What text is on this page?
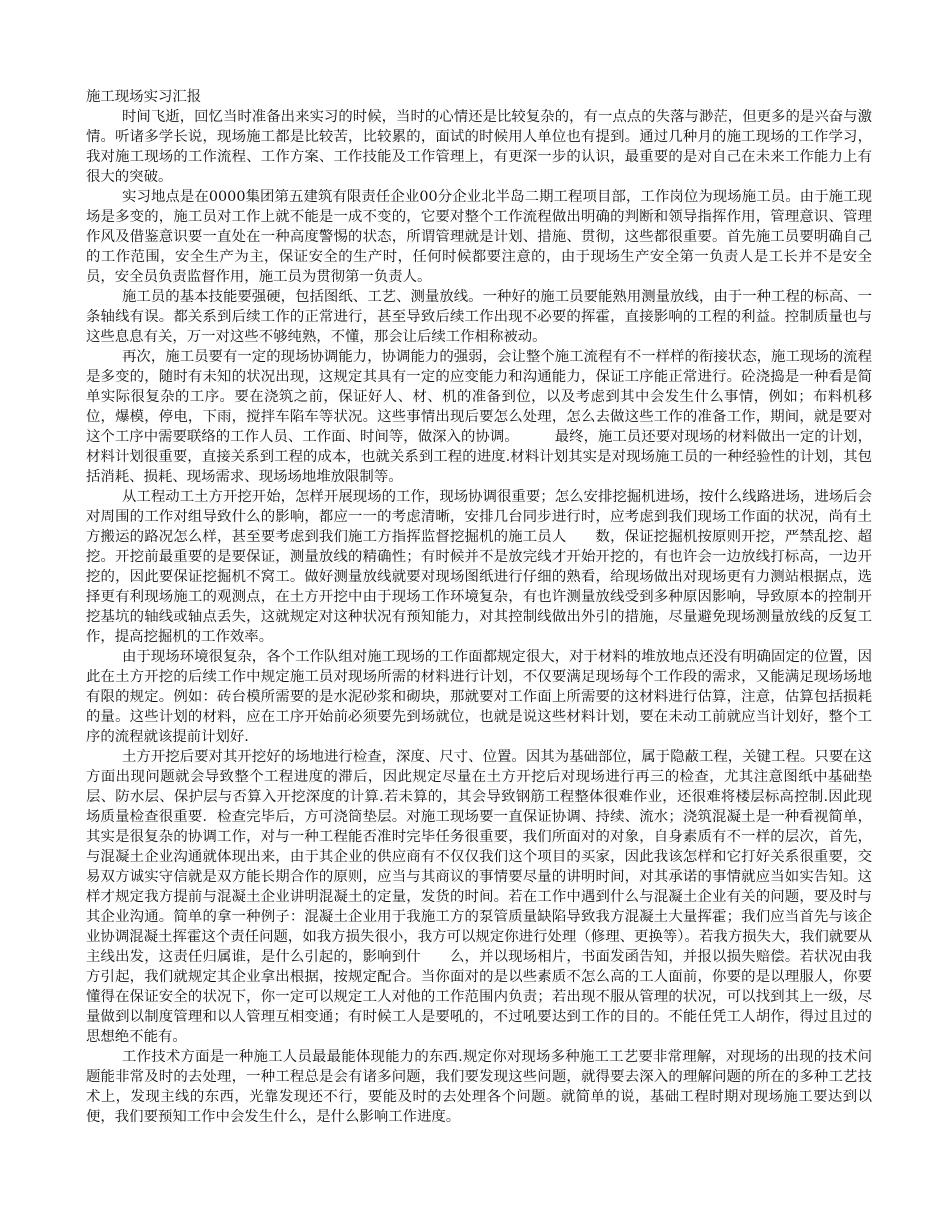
施工现场实习汇报

时间飞逝，回忆当时准备出来实习的时候，当时的心情还是比较复杂的，有一点点的失落与渺茫，但更多的是兴奋与激情。听诸多学长说，现场施工都是比较苦，比较累的，面试的时候用人单位也有提到。通过几种月的施工现场的工作学习，我对施工现场的工作流程、工作方案、工作技能及工作管理上，有更深一步的认识，最重要的是对自己在未来工作能力上有很大的突破。

实习地点是在0000集团第五建筑有限责任企业00分企业北半岛二期工程项目部，工作岗位为现场施工员。由于施工现场是多变的，施工员对工作上就不能是一成不变的，它要对整个工作流程做出明确的判断和领导指挥作用，管理意识、管理作风及借鉴意识要一直处在一种高度警惕的状态，所谓管理就是计划、措施、贯彻，这些都很重要。首先施工员要明确自己的工作范围，安全生产为主，保证安全的生产时，任何时候都要注意的，由于现场生产安全第一负责人是工长并不是安全员，安全员负责监督作用，施工员为贯彻第一负责人。

施工员的基本技能要强硬，包括图纸、工艺、测量放线。一种好的施工员要能熟用测量放线，由于一种工程的标高、一条轴线有误。都关系到后续工作的正常进行，甚至导致后续工作出现不必要的挥霍，直接影响的工程的利益。控制质量也与这些息息有关，万一对这些不够纯熟，不懂，那会让后续工作相称被动。

再次，施工员要有一定的现场协调能力，协调能力的强弱，会让整个施工流程有不一样样的衔接状态，施工现场的流程是多变的，随时有未知的状况出现，这规定其具有一定的应变能力和沟通能力，保证工序能正常进行。砼浇捣是一种看是简单实际很复杂的工序。要在浇筑之前，保证好人、材、机的准备到位，以及考虑到其中会发生什么事情，例如；布料机移位，爆模，停电，下雨，搅拌车陷车等状况。这些事情出现后要怎么处理，怎么去做这些工作的准备工作，期间，就是要对这个工序中需要联络的工作人员、工作面、时间等，做深入的协调。　　　最终，施工员还要对现场的材料做出一定的计划，材料计划很重要，直接关系到工程的成本，也就关系到工程的进度.材料计划其实是对现场施工员的一种经验性的计划，其包括消耗、损耗、现场需求、现场场地堆放限制等。

从工程动工土方开挖开始，怎样开展现场的工作，现场协调很重要；怎么安排挖掘机进场，按什么线路进场，进场后会对周围的工作对组导致什么的影响，都应一一的考虑清晰，安排几台同步进行时，应考虑到我们现场工作面的状况，尚有土方搬运的路况怎么样，甚至要考虑到我们施工方指挥监督挖掘机的施工员人　　数，保证挖掘机按原则开挖，严禁乱挖、超挖。开挖前最重要的是要保证，测量放线的精确性；有时候并不是放完线才开始开挖的，有也许会一边放线打标高，一边开挖的，因此要保证挖掘机不窝工。做好测量放线就要对现场图纸进行仔细的熟看，给现场做出对现场更有力测站根据点，选择更有利现场施工的观测点，在土方开挖中由于现场工作环境复杂，有也许测量放线受到多种原因影响，导致原本的控制开挖基坑的轴线或轴点丢失，这就规定对这种状况有预知能力，对其控制线做出外引的措施，尽量避免现场测量放线的反复工作，提高挖掘机的工作效率。

由于现场环境很复杂，各个工作队组对施工现场的工作面都规定很大，对于材料的堆放地点还没有明确固定的位置，因此在土方开挖的后续工作中规定施工员对现场所需的材料进行计划，不仅要满足现场每个工作段的需求，又能满足现场场地有限的规定。例如：砖台模所需要的是水泥砂浆和砌块，那就要对工作面上所需要的这材料进行估算，注意，估算包括损耗的量。这些计划的材料，应在工序开始前必须要先到场就位，也就是说这些材料计划，要在未动工前就应当计划好，整个工序的流程就该提前计划好.

土方开挖后要对其开挖好的场地进行检查，深度、尺寸、位置。因其为基础部位，属于隐蔽工程，关键工程。只要在这方面出现问题就会导致整个工程进度的滞后，因此规定尽量在土方开挖后对现场进行再三的检查，尤其注意图纸中基础垫层、防水层、保护层与否算入开挖深度的计算.若未算的，其会导致钢筋工程整体很难作业，还很难将楼层标高控制.因此现场质量检查很重要．检查完毕后，方可浇筒垫层。对施工现场要一直保证协调、持续、流水；浇筑混凝土是一种看视简单，其实是很复杂的协调工作，对与一种工程能否准时完毕任务很重要，我们所面对的对象，自身素质有不一样的层次，首先，与混凝土企业沟通就体现出来，由于其企业的供应商有不仅仅我们这个项目的买家，因此我该怎样和它打好关系很重要，交易双方诚实守信就是双方能长期合作的原则，应当与其商议的事情要尽量的讲明时间，对其承诺的事情就应当如实告知。这样才规定我方提前与混凝土企业讲明混凝土的定量，发货的时间。若在工作中遇到什么与混凝土企业有关的问题，要及时与其企业沟通。简单的拿一种例子：混凝土企业用于我施工方的泵管质量缺陷导致我方混凝土大量挥霍；我们应当首先与该企业协调混凝土挥霍这个责任问题，如我方损失很小，我方可以规定你进行处理（修理、更换等）。若我方损失大，我们就要从主线出发，这责任归属谁，是什么引起的，影响到什　　么，并以现场相片，书面发函告知，并报以损失赔偿。若状况由我方引起，我们就规定其企业拿出根据，按规定配合。当你面对的是以些素质不怎么高的工人面前，你要的是以理服人，你要懂得在保证安全的状况下，你一定可以规定工人对他的工作范围内负责；若出现不服从管理的状况，可以找到其上一级，尽量做到以制度管理和以人管理互相变通；有时候工人是要吼的，不过吼要达到工作的目的。不能任凭工人胡作，得过且过的思想绝不能有。

工作技术方面是一种施工人员最最能体现能力的东西.规定你对现场多种施工工艺要非常理解，对现场的出现的技术问题能非常及时的去处理，一种工程总是会有诸多问题，我们要发现这些问题，就得要去深入的理解问题的所在的多种工艺技术上，发现主线的东西，光靠发现还不行，要能及时的去处理各个问题。就简单的说，基础工程时期对现场施工要达到以便，我们要预知工作中会发生什么，是什么影响工作进度。
